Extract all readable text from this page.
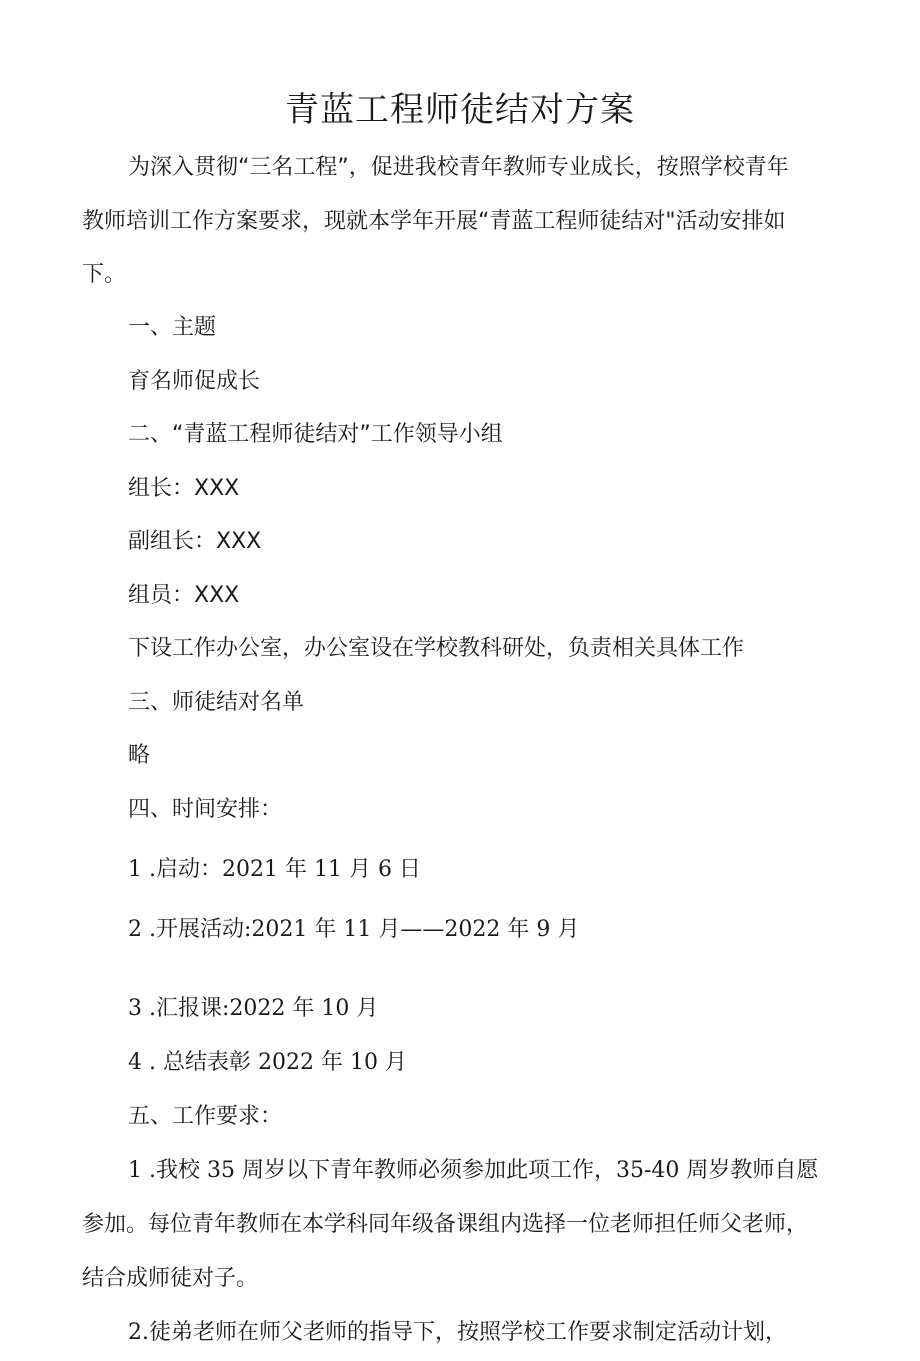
青蓝工程师徒结对方案
为深入贯彻“三名工程”，促进我校青年教师专业成长，按照学校青年
教师培训工作方案要求，现就本学年开展“青蓝工程师徒结对"活动安排如
下。
一、主题
育名师促成长
二、“青蓝工程师徒结对”工作领导小组
组长：XXX
副组长：XXX
组员：XXX
下设工作办公室，办公室设在学校教科研处，负责相关具体工作
三、师徒结对名单
略
四、时间安排：
1 .启动：2021 年 11 月 6 日
2 .开展活动:2021 年 11 月——2022 年 9 月
3 .汇报课:2022 年 10 月
4 . 总结表彰 2022 年 10 月
五、工作要求：
1 .我校 35 周岁以下青年教师必须参加此项工作，35-40 周岁教师自愿
参加。每位青年教师在本学科同年级备课组内选择一位老师担任师父老师，
结合成师徒对子。
2.徒弟老师在师父老师的指导下，按照学校工作要求制定活动计划，
